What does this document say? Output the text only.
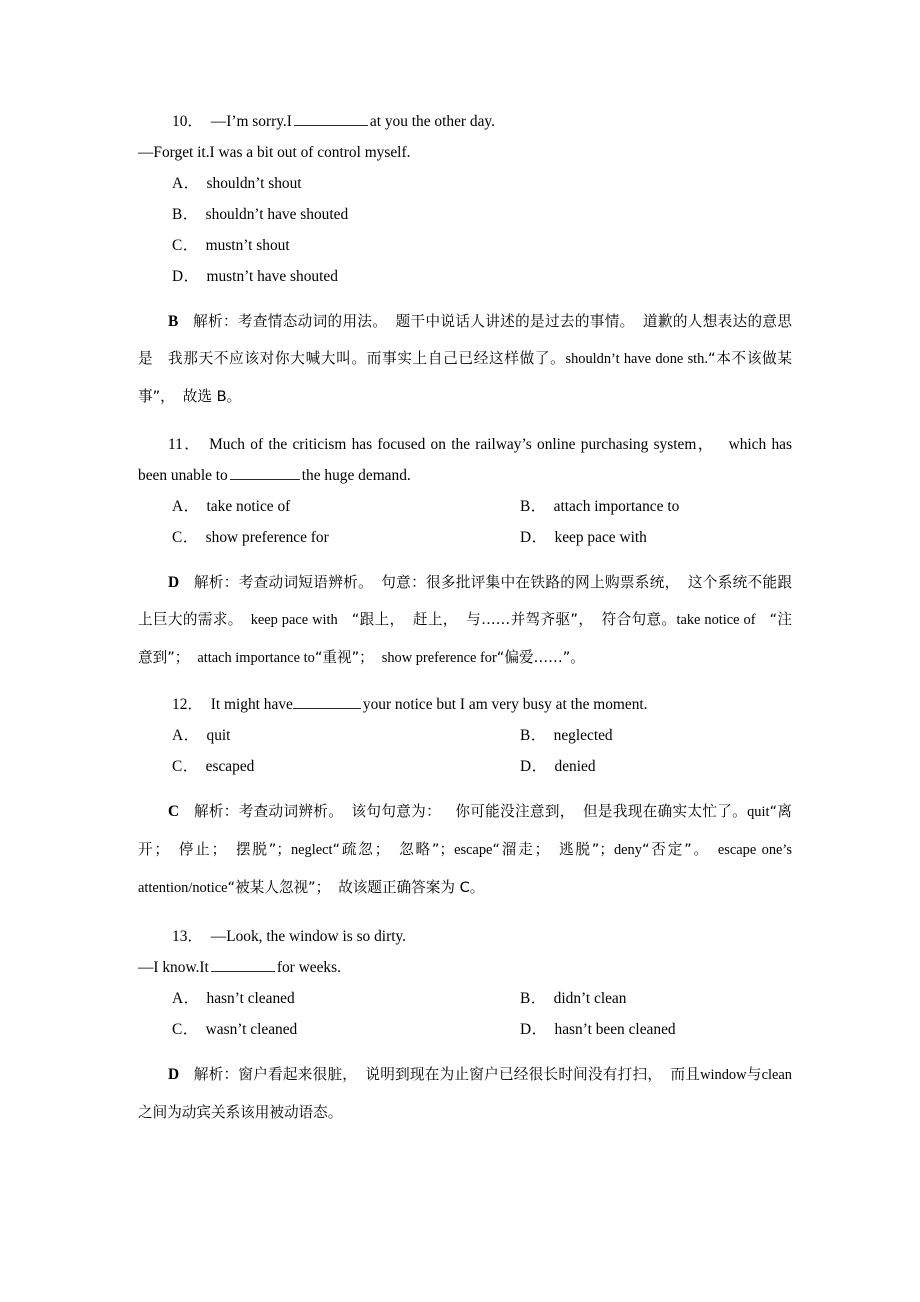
10． —I’m sorry.I	at you the other day.
—Forget it.I was a bit out of control myself.
A． shouldn’t shout
B． shouldn’t have shouted
C． mustn’t shout
D． mustn’t have shouted
B 解析：考查情态动词的用法。 题干中说话人讲述的是过去的事情。 道歉的人想表达的意思是 我那天不应该对你大喊大叫。而事实上自己已经这样做了。shouldn’t have done sth.“本不该做某事”， 故选 B。
11． Much of the criticism has focused on the railway’s online purchasing system， which has been unable to	the huge demand.
A． take notice of	B． attach importance to
C． show preference for	D． keep pace with
D 解析：考查动词短语辨析。 句意：很多批评集中在铁路的网上购票系统， 这个系统不能跟上巨大的需求。 keep pace with “跟上， 赶上， 与……并驾齐驱”， 符合句意。take notice of “注意到”； attach importance to“重视”； show preference for“偏爱……”。
12． It might have	your notice but I am very busy at the moment.
A． quit	B． neglected
C． escaped	D． denied
C 解析：考查动词辨析。 该句句意为： 你可能没注意到， 但是我现在确实太忙了。quit“离开； 停止； 摆脱”；neglect“疏忽； 忽略”；escape“溜走； 逃脱”；deny“否定”。 escape one’s attention/notice“被某人忽视”； 故该题正确答案为 C。
13． —Look, the window is so dirty.
—I know.It	for weeks.
A． hasn’t cleaned	B． didn’t clean
C． wasn’t cleaned	D． hasn’t been cleaned
D 解析：窗户看起来很脏， 说明到现在为止窗户已经很长时间没有打扫， 而且window与clean之间为动宾关系该用被动语态。
